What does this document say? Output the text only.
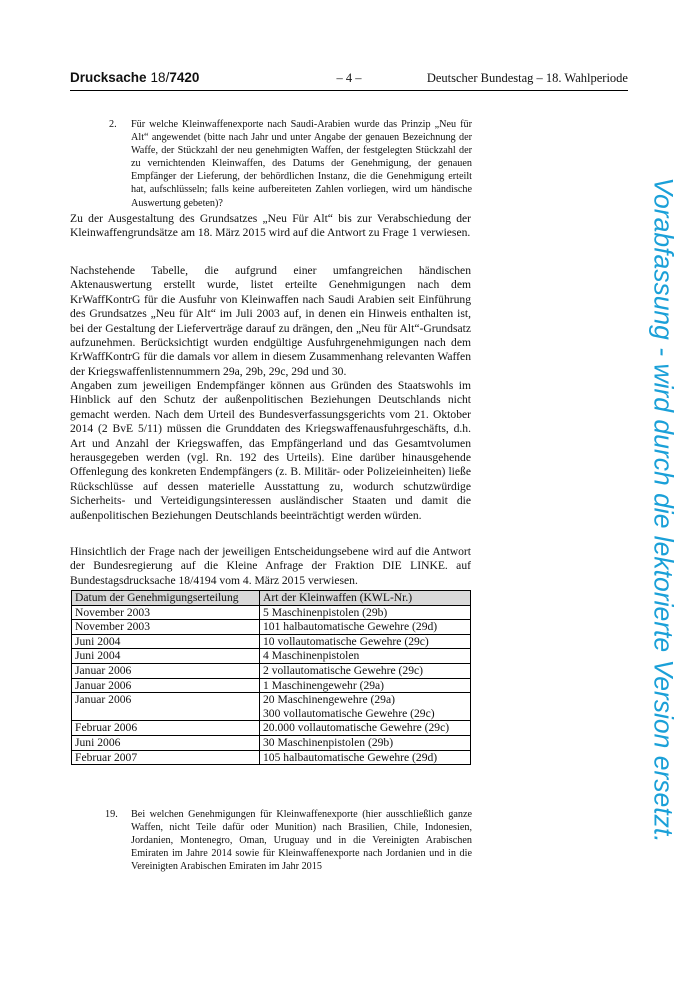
Drucksache 18/7420	– 4 –	Deutscher Bundestag – 18. Wahlperiode
2. Für welche Kleinwaffenexporte nach Saudi-Arabien wurde das Prinzip „Neu für Alt“ angewendet (bitte nach Jahr und unter Angabe der genauen Bezeichnung der Waffe, der Stückzahl der neu genehmigten Waffen, der festgelegten Stückzahl der zu vernichtenden Kleinwaffen, des Datums der Genehmigung, der genauen Empfänger der Lieferung, der behördlichen Instanz, die die Genehmigung erteilt hat, aufschlüsseln; falls keine aufbereiteten Zahlen vorliegen, wird um händische Auswertung gebeten)?

Zu der Ausgestaltung des Grundsatzes „Neu Für Alt“ bis zur Verabschiedung der Kleinwaffengrundsätze am 18. März 2015 wird auf die Antwort zu Frage 1 verwiesen.

Nachstehende Tabelle, die aufgrund einer umfangreichen händischen Aktenauswertung erstellt wurde, listet erteilte Genehmigungen nach dem KrWaffKontrG für die Ausfuhr von Kleinwaffen nach Saudi Arabien seit Einführung des Grundsatzes „Neu für Alt“ im Juli 2003 auf, in denen ein Hinweis enthalten ist, bei der Gestaltung der Lieferverträge darauf zu drängen, den „Neu für Alt“-Grundsatz aufzunehmen. Berücksichtigt wurden endgültige Ausfuhrgenehmigungen nach dem KrWaffKontrG für die damals vor allem in diesem Zusammenhang relevanten Waffen der Kriegswaffenlistennummern 29a, 29b, 29c, 29d und 30.

Angaben zum jeweiligen Endempfänger können aus Gründen des Staatswohls im Hinblick auf den Schutz der außenpolitischen Beziehungen Deutschlands nicht gemacht werden. Nach dem Urteil des Bundesverfassungsgerichts vom 21. Oktober 2014 (2 BvE 5/11) müssen die Grunddaten des Kriegswaffenausfuhrgeschäfts, d.h. Art und Anzahl der Kriegswaffen, das Empfängerland und das Gesamtvolumen herausgegeben werden (vgl. Rn. 192 des Urteils). Eine darüber hinausgehende Offenlegung des konkreten Endempfängers (z. B. Militär- oder Polizeieinheiten) ließe Rückschlüsse auf dessen materielle Ausstattung zu, wodurch schutzwürdige Sicherheits- und Verteidigungsinteressen ausländischer Staaten und damit die außenpolitischen Beziehungen Deutschlands beeinträchtigt werden würden.

Hinsichtlich der Frage nach der jeweiligen Entscheidungsebene wird auf die Antwort der Bundesregierung auf die Kleine Anfrage der Fraktion DIE LINKE. auf Bundestagsdrucksache 18/4194 vom 4. März 2015 verwiesen.

Datum der Genehmigungserteilung	Art der Kleinwaffen (KWL-Nr.)
November 2003	5 Maschinenpistolen (29b)
November 2003	101 halbautomatische Gewehre (29d)
Juni 2004	10 vollautomatische Gewehre (29c)
Juni 2004	4 Maschinenpistolen
Januar 2006	2 vollautomatische Gewehre (29c)
Januar 2006	1 Maschinengewehr (29a)
Januar 2006	20 Maschinengewehre (29a)
300 vollautomatische Gewehre (29c)

Februar 2006	20.000 vollautomatische Gewehre (29c)
Juni 2006	30 Maschinenpistolen (29b)
Februar 2007	105 halbautomatische Gewehre (29d)
19. Bei welchen Genehmigungen für Kleinwaffenexporte (hier ausschließlich ganze Waffen, nicht Teile dafür oder Munition) nach Brasilien, Chile, Indonesien, Jordanien, Montenegro, Oman, Uruguay und in die Vereinigten Arabischen Emiraten im Jahre 2014 sowie für Kleinwaffenexporte nach Jordanien und in die Vereinigten Arabischen Emiraten im Jahr 2015
Vorabfassung - wird durch die lektorierte Version ersetzt.
